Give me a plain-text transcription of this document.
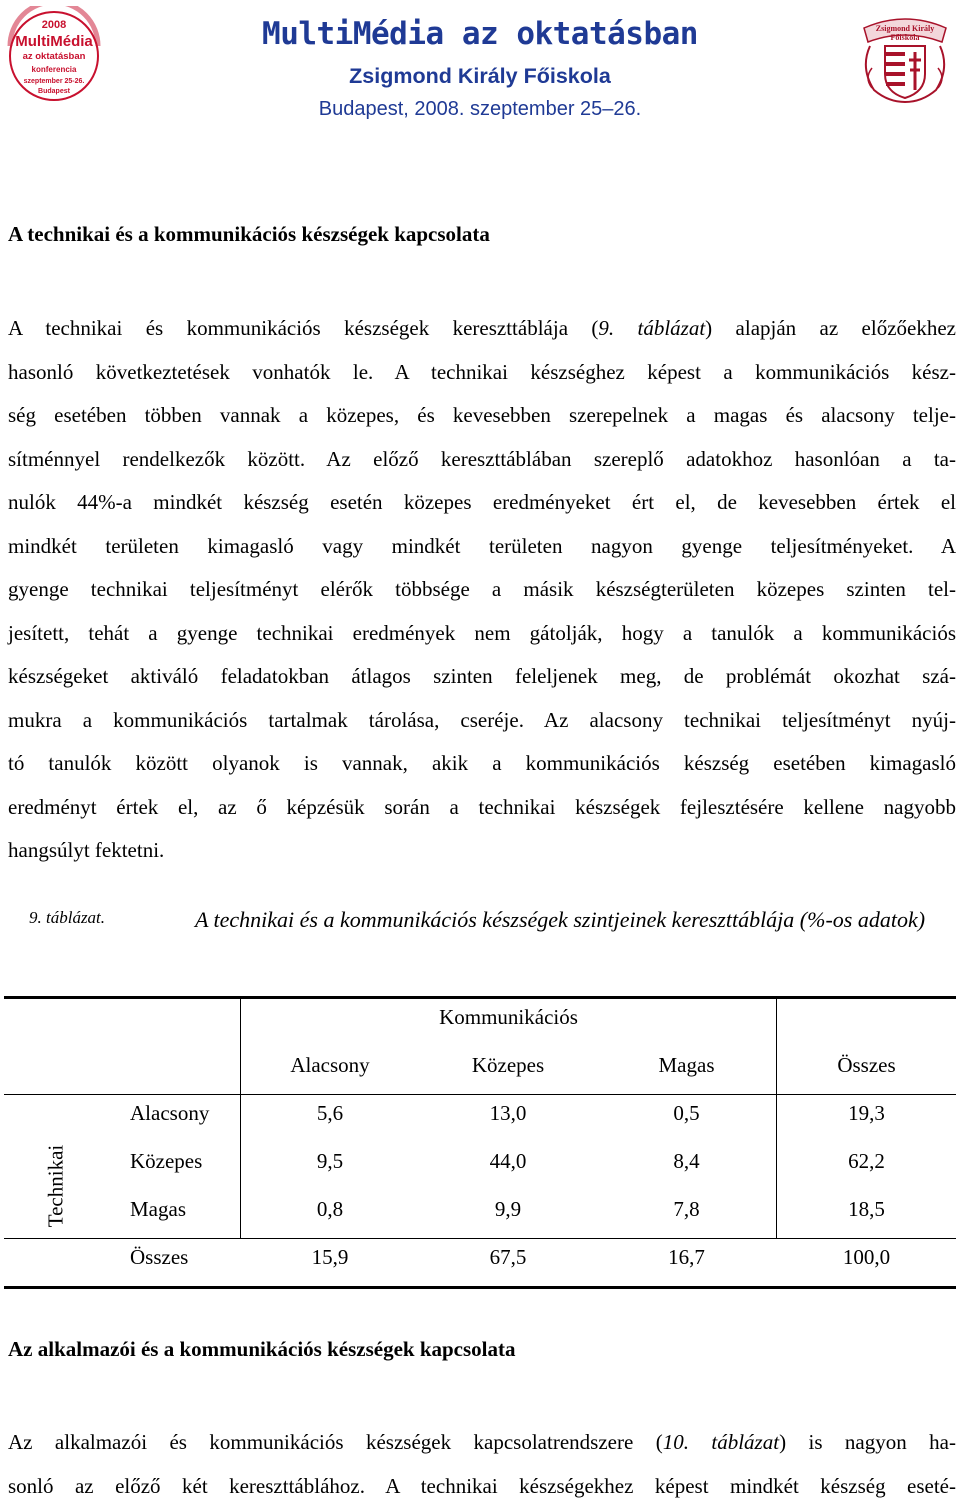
2008
MultiMédia
az oktatásban
konferencia
szeptember 25-26.
Budapest
MultiMédia az oktatásban
Zsigmond Király Főiskola
Budapest, 2008. szeptember 25–26.
Zsigmond Király
Főiskola
A technikai és a kommunikációs készségek kapcsolata
A technikai és kommunikációs készségek kereszttáblája (9. táblázat) alapján az előzőekhez
hasonló következtetések vonhatók le. A technikai készséghez képest a kommunikációs kész-
ség esetében többen vannak a közepes, és kevesebben szerepelnek a magas és alacsony telje-
sítménnyel rendelkezők között. Az előző kereszttáblában szereplő adatokhoz hasonlóan a ta-
nulók 44%-a mindkét készség esetén közepes eredményeket ért el, de kevesebben értek el
mindkét területen kimagasló vagy mindkét területen nagyon gyenge teljesítményeket. A
gyenge technikai teljesítményt elérők többsége a másik készségterületen közepes szinten tel-
jesített, tehát a gyenge technikai eredmények nem gátolják, hogy a tanulók a kommunikációs
készségeket aktiváló feladatokban átlagos szinten feleljenek meg, de problémát okozhat szá-
mukra a kommunikációs tartalmak tárolása, cseréje. Az alacsony technikai teljesítményt nyúj-
tó tanulók között olyanok is vannak, akik a kommunikációs készség esetében kimagasló
eredményt értek el, az ő képzésük során a technikai készségek fejlesztésére kellene nagyobb
hangsúlyt fektetni.
9. táblázat.	A technikai és a kommunikációs készségek szintjeinek kereszttáblája (%-os adatok)
Kommunikációs
Alacsony	Közepes	Magas	Összes
Technikai
Alacsony	5,6	13,0	0,5	19,3
Közepes	9,5	44,0	8,4	62,2
Magas	0,8	9,9	7,8	18,5
Összes	15,9	67,5	16,7	100,0
Az alkalmazói és a kommunikációs készségek kapcsolata
Az alkalmazói és kommunikációs készségek kapcsolatrendszere (10. táblázat) is nagyon ha-
sonló az előző két kereszttáblához. A technikai készségekhez képest mindkét készség eseté-
